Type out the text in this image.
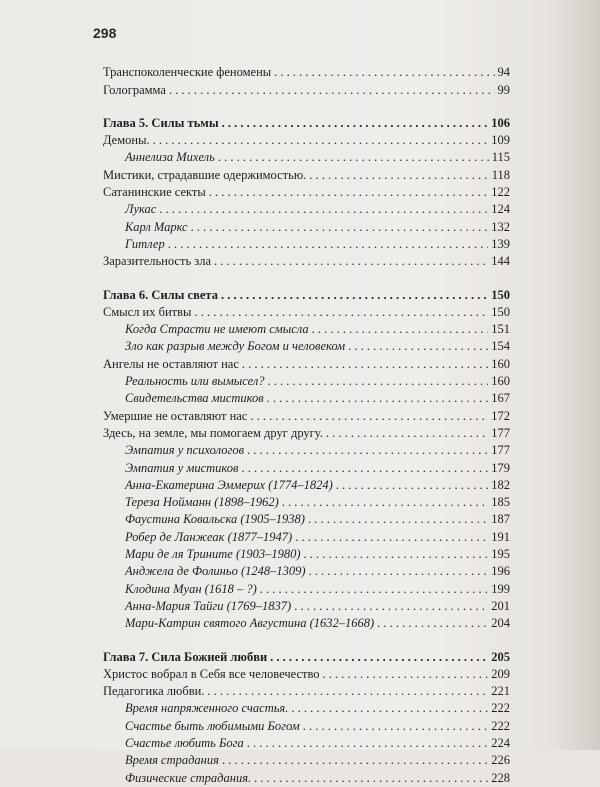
298
Транспоколенческие феномены . . .	94
Голограмма . . .	99
Глава 5. Силы тьмы . . .	106
Демоны. . . .	109
Аннелиза Михель . . .	115
Мистики, страдавшие одержимостью. . . .	118
Сатанинские секты . . .	122
Лукас . . .	124
Карл Маркс . . .	132
Гитлер . . .	139
Заразительность зла . . .	144
Глава 6. Силы света . . .	150
Смысл их битвы . . .	150
Когда Страсти не имеют смысла . . .	151
Зло как разрыв между Богом и человеком . . .	154
Ангелы не оставляют нас . . .	160
Реальность или вымысел? . . .	160
Свидетельства мистиков . . .	167
Умершие не оставляют нас . . .	172
Здесь, на земле, мы помогаем друг другу. . . .	177
Эмпатия у психологов . . .	177
Эмпатия у мистиков . . .	179
Анна-Екатерина Эммерих (1774–1824) . . .	182
Тереза Нойманн (1898–1962) . . .	185
Фаустина Ковальска (1905–1938) . . .	187
Робер де Ланжеак (1877–1947) . . .	191
Мари де ля Тринитe (1903–1980) . . .	195
Анджела де Фолиньо (1248–1309) . . .	196
Клодина Муан (1618 – ?) . . .	199
Анна-Мария Тайги (1769–1837) . . .	201
Мари-Катрин святого Августина (1632–1668) . . .	204
Глава 7. Сила Божией любви . . .	205
Христос вобрал в Себя все человечество . . .	209
Педагогика любви. . . .	221
Время напряженного счастья. . . .	222
Счастье быть любимыми Богом . . .	222
Счастье любить Бога . . .	224
Время страдания . . .	226
Физические страдания. . . .	228
